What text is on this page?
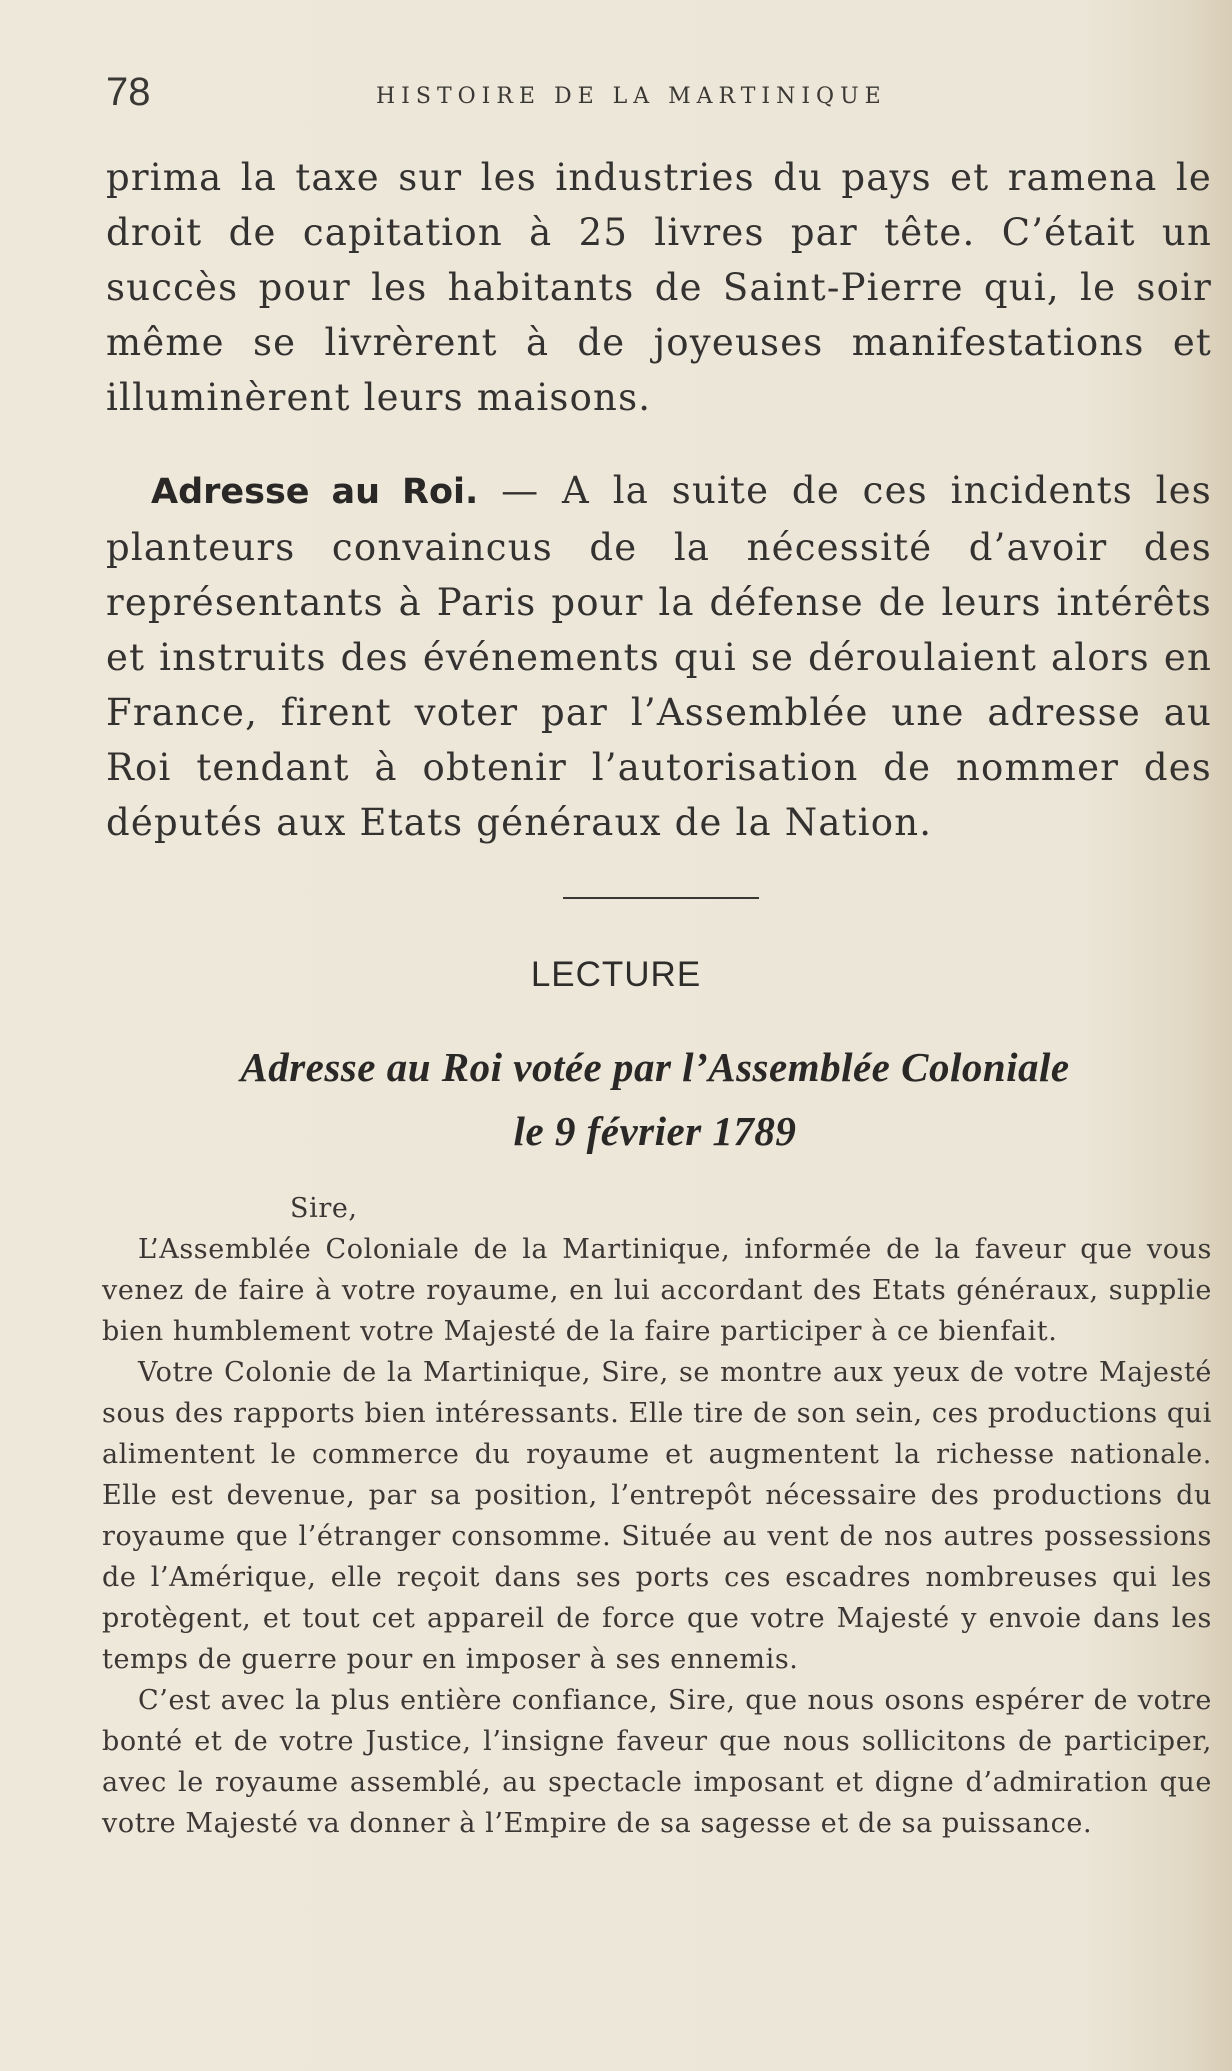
78	HISTOIRE DE LA MARTINIQUE
prima la taxe sur les industries du pays et ramena le droit de capitation à 25 livres par tête. C’était un succès pour les habitants de Saint-Pierre qui, le soir même se livrèrent à de joyeuses manifestations et illuminèrent leurs maisons.
Adresse au Roi. — A la suite de ces incidents les planteurs convaincus de la nécessité d’avoir des représentants à Paris pour la défense de leurs intérêts et instruits des événements qui se déroulaient alors en France, firent voter par l’Assemblée une adresse au Roi tendant à obtenir l’autorisation de nommer des députés aux Etats généraux de la Nation.
LECTURE
Adresse au Roi votée par l’Assemblée Coloniale
le 9 février 1789

Sire,

L’Assemblée Coloniale de la Martinique, informée de la faveur que vous venez de faire à votre royaume, en lui accordant des Etats généraux, supplie bien humblement votre Majesté de la faire participer à ce bienfait.

Votre Colonie de la Martinique, Sire, se montre aux yeux de votre Majesté sous des rapports bien intéressants. Elle tire de son sein, ces productions qui alimentent le commerce du royaume et augmentent la richesse nationale. Elle est devenue, par sa position, l’entrepôt nécessaire des productions du royaume que l’étranger consomme. Située au vent de nos autres possessions de l’Amérique, elle reçoit dans ses ports ces escadres nombreuses qui les protègent, et tout cet appareil de force que votre Majesté y envoie dans les temps de guerre pour en imposer à ses ennemis.

C’est avec la plus entière confiance, Sire, que nous osons espérer de votre bonté et de votre Justice, l’insigne faveur que nous sollicitons de participer, avec le royaume assemblé, au spectacle imposant et digne d’admiration que votre Majesté va donner à l’Empire de sa sagesse et de sa puissance.
